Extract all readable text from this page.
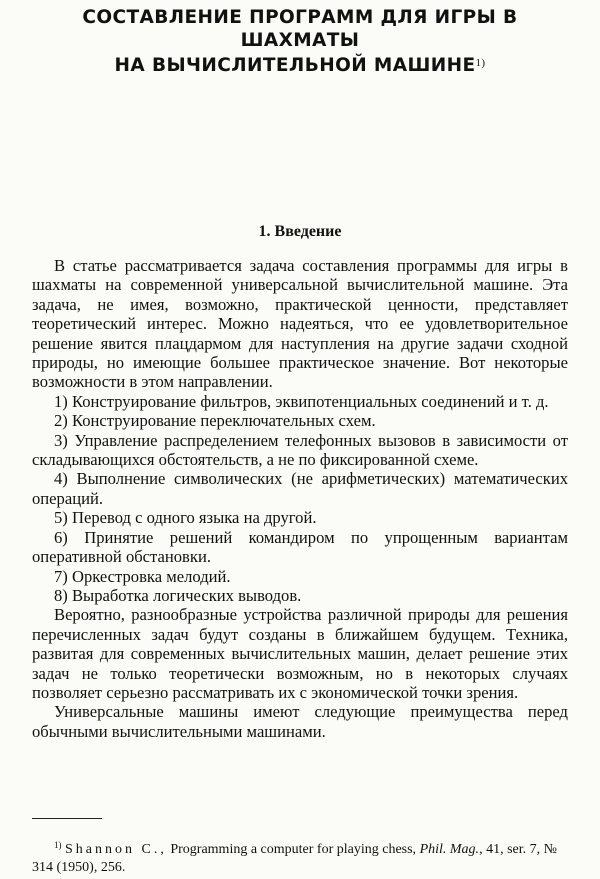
СОСТАВЛЕНИЕ ПРОГРАММ ДЛЯ ИГРЫ В ШАХМАТЫ
НА ВЫЧИСЛИТЕЛЬНОЙ МАШИНЕ$^{1)}$
1. Введение

В статье рассматривается задача составления программы для игры в шахматы на современной универсальной вычислительной машине. Эта задача, не имея, возможно, практической ценности, представляет теоретический интерес. Можно надеяться, что ее удовлетворительное решение явится плацдармом для наступления на другие задачи сходной природы, но имеющие большее практическое значение. Вот некоторые возможности в этом направлении.

1) Конструирование фильтров, эквипотенциальных соединений и т. д.

2) Конструирование переключательных схем.

3) Управление распределением телефонных вызовов в зависимости от складывающихся обстоятельств, а не по фиксированной схеме.

4) Выполнение символических (не арифметических) математических операций.

5) Перевод с одного языка на другой.

6) Принятие решений командиром по упрощенным вариантам оперативной обстановки.

7) Оркестровка мелодий.

8) Выработка логических выводов.

Вероятно, разнообразные устройства различной природы для решения перечисленных задач будут созданы в ближайшем будущем. Техника, развитая для современных вычислительных машин, делает решение этих задач не только теоретически возможным, но в некоторых случаях позволяет серьезно рассматривать их с экономической точки зрения.

Универсальные машины имеют следующие преимущества перед обычными вычислительными машинами.

$^{1)}$ Shannon C., Programming a computer for playing chess, Phil. Mag., 41, ser. 7, № 314 (1950), 256.
